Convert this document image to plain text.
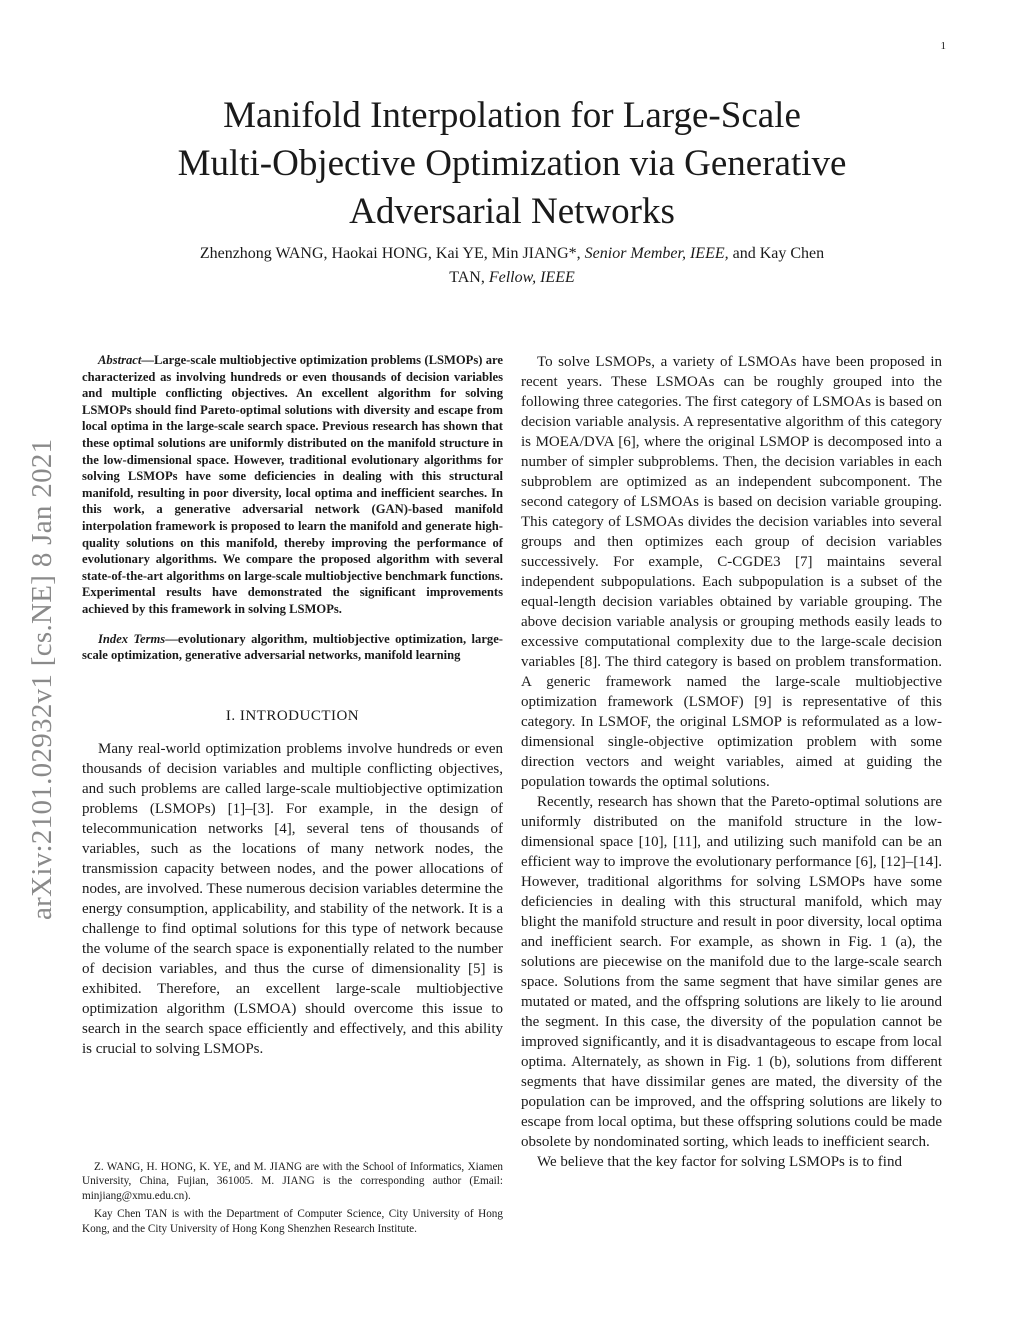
1
arXiv:2101.02932v1 [cs.NE] 8 Jan 2021
Manifold Interpolation for Large-Scale
Multi-Objective Optimization via Generative
Adversarial Networks
Zhenzhong WANG, Haokai HONG, Kai YE, Min JIANG*, Senior Member, IEEE, and Kay Chen
TAN, Fellow, IEEE

Abstract—Large-scale multiobjective optimization problems (LSMOPs) are characterized as involving hundreds or even thousands of decision variables and multiple conflicting objectives. An excellent algorithm for solving LSMOPs should find Pareto-optimal solutions with diversity and escape from local optima in the large-scale search space. Previous research has shown that these optimal solutions are uniformly distributed on the manifold structure in the low-dimensional space. However, traditional evolutionary algorithms for solving LSMOPs have some deficiencies in dealing with this structural manifold, resulting in poor diversity, local optima and inefficient searches. In this work, a generative adversarial network (GAN)-based manifold interpolation framework is proposed to learn the manifold and generate high-quality solutions on this manifold, thereby improving the performance of evolutionary algorithms. We compare the proposed algorithm with several state-of-the-art algorithms on large-scale multiobjective benchmark functions. Experimental results have demonstrated the significant improvements achieved by this framework in solving LSMOPs.

Index Terms—evolutionary algorithm, multiobjective optimization, large-scale optimization, generative adversarial networks, manifold learning

I. INTRODUCTION

Many real-world optimization problems involve hundreds or even thousands of decision variables and multiple conflicting objectives, and such problems are called large-scale multiobjective optimization problems (LSMOPs) [1]–[3]. For example, in the design of telecommunication networks [4], several tens of thousands of variables, such as the locations of many network nodes, the transmission capacity between nodes, and the power allocations of nodes, are involved. These numerous decision variables determine the energy consumption, applicability, and stability of the network. It is a challenge to find optimal solutions for this type of network because the volume of the search space is exponentially related to the number of decision variables, and thus the curse of dimensionality [5] is exhibited. Therefore, an excellent large-scale multiobjective optimization algorithm (LSMOA) should overcome this issue to search in the search space efficiently and effectively, and this ability is crucial to solving LSMOPs.

To solve LSMOPs, a variety of LSMOAs have been proposed in recent years. These LSMOAs can be roughly grouped into the following three categories. The first category of LSMOAs is based on decision variable analysis. A representative algorithm of this category is MOEA/DVA [6], where the original LSMOP is decomposed into a number of simpler subproblems. Then, the decision variables in each subproblem are optimized as an independent subcomponent. The second category of LSMOAs is based on decision variable grouping. This category of LSMOAs divides the decision variables into several groups and then optimizes each group of decision variables successively. For example, C-CGDE3 [7] maintains several independent subpopulations. Each subpopulation is a subset of the equal-length decision variables obtained by variable grouping. The above decision variable analysis or grouping methods easily leads to excessive computational complexity due to the large-scale decision variables [8]. The third category is based on problem transformation. A generic framework named the large-scale multiobjective optimization framework (LSMOF) [9] is representative of this category. In LSMOF, the original LSMOP is reformulated as a low-dimensional single-objective optimization problem with some direction vectors and weight variables, aimed at guiding the population towards the optimal solutions.

Recently, research has shown that the Pareto-optimal solutions are uniformly distributed on the manifold structure in the low-dimensional space [10], [11], and utilizing such manifold can be an efficient way to improve the evolutionary performance [6], [12]–[14]. However, traditional algorithms for solving LSMOPs have some deficiencies in dealing with this structural manifold, which may blight the manifold structure and result in poor diversity, local optima and inefficient search. For example, as shown in Fig. 1 (a), the solutions are piecewise on the manifold due to the large-scale search space. Solutions from the same segment that have similar genes are mutated or mated, and the offspring solutions are likely to lie around the segment. In this case, the diversity of the population cannot be improved significantly, and it is disadvantageous to escape from local optima. Alternately, as shown in Fig. 1 (b), solutions from different segments that have dissimilar genes are mated, the diversity of the population can be improved, and the offspring solutions are likely to escape from local optima, but these offspring solutions could be made obsolete by nondominated sorting, which leads to inefficient search.

We believe that the key factor for solving LSMOPs is to find

Z. WANG, H. HONG, K. YE, and M. JIANG are with the School of Informatics, Xiamen University, China, Fujian, 361005. M. JIANG is the corresponding author (Email: minjiang@xmu.edu.cn).

Kay Chen TAN is with the Department of Computer Science, City University of Hong Kong, and the City University of Hong Kong Shenzhen Research Institute.
